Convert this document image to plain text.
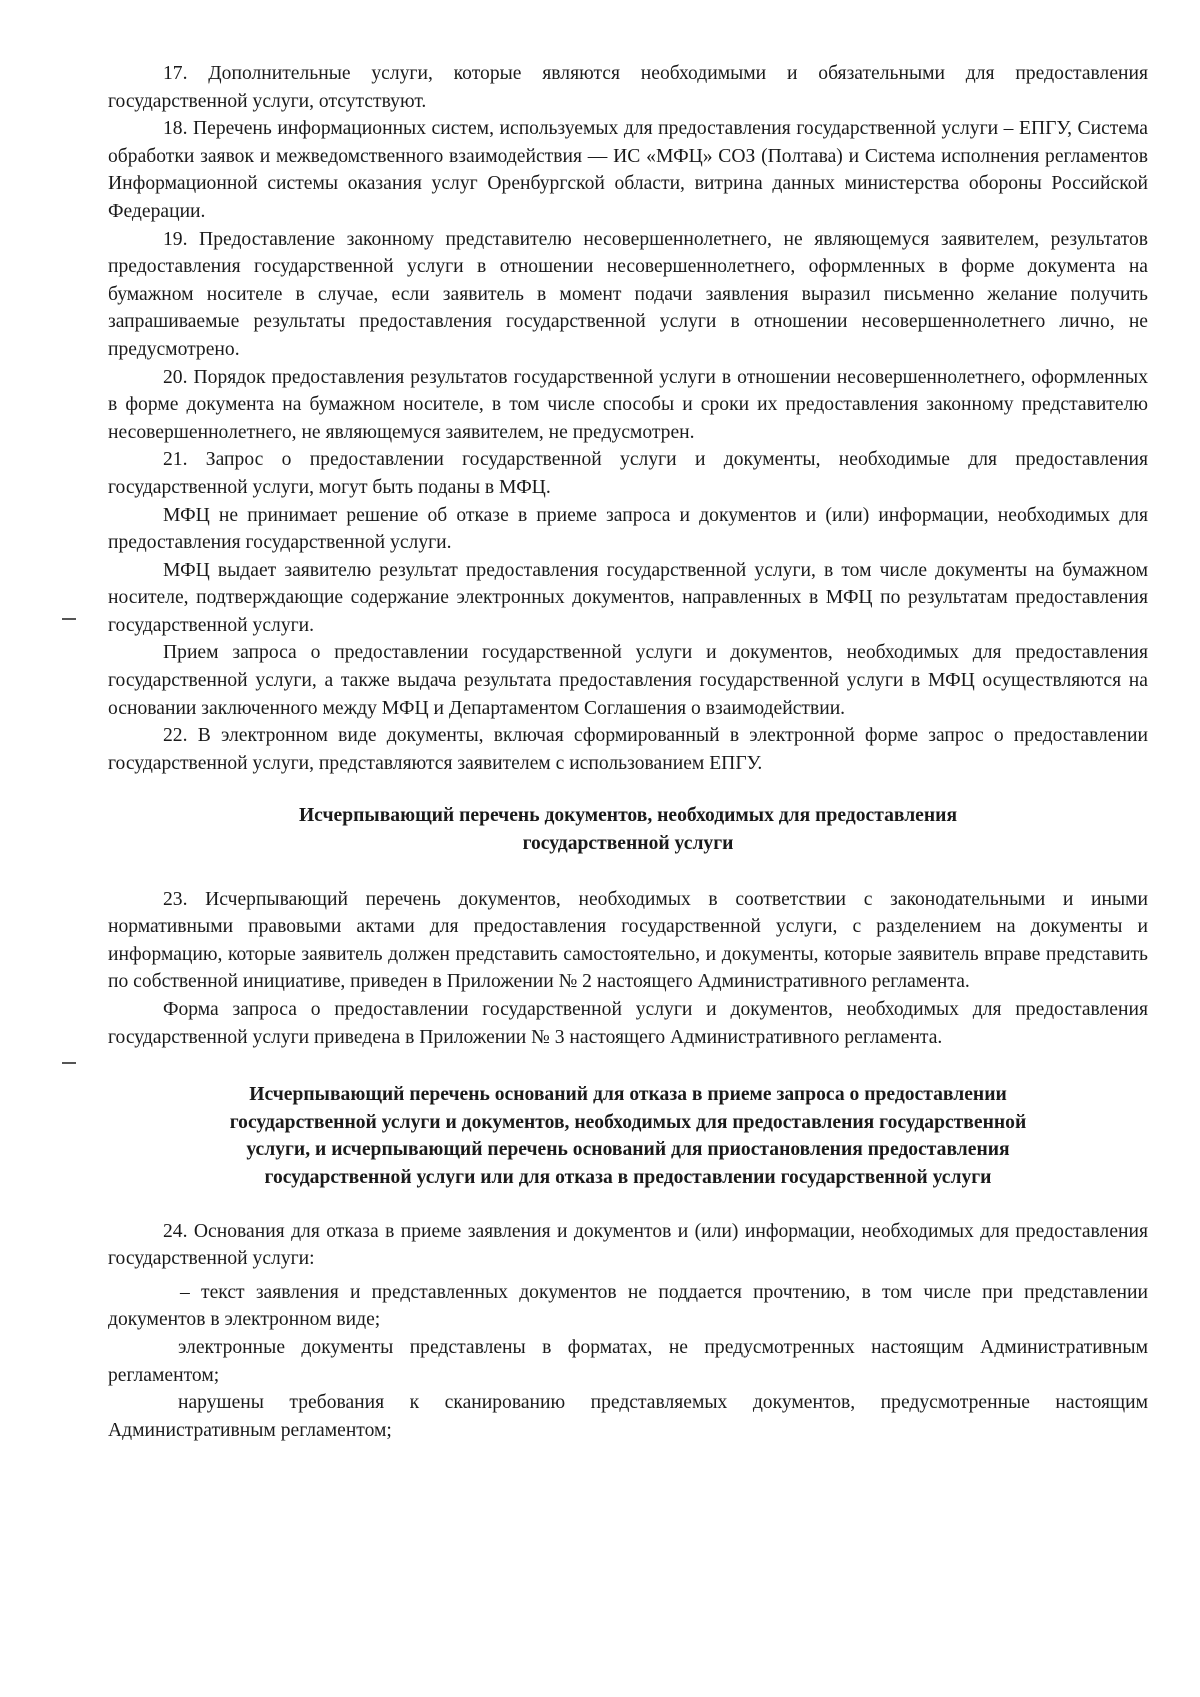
17. Дополнительные услуги, которые являются необходимыми и обязательными для предоставления государственной услуги, отсутствуют.

18. Перечень информационных систем, используемых для предоставления государственной услуги – ЕПГУ, Система обработки заявок и межведомственного взаимодействия — ИС «МФЦ» СОЗ (Полтава) и Система исполнения регламентов Информационной системы оказания услуг Оренбургской области, витрина данных министерства обороны Российской Федерации.

19. Предоставление законному представителю несовершеннолетнего, не являющемуся заявителем, результатов предоставления государственной услуги в отношении несовершеннолетнего, оформленных в форме документа на бумажном носителе в случае, если заявитель в момент подачи заявления выразил письменно желание получить запрашиваемые результаты предоставления государственной услуги в отношении несовершеннолетнего лично, не предусмотрено.

20. Порядок предоставления результатов государственной услуги в отношении несовершеннолетнего, оформленных в форме документа на бумажном носителе, в том числе способы и сроки их предоставления законному представителю несовершеннолетнего, не являющемуся заявителем, не предусмотрен.

21. Запрос о предоставлении государственной услуги и документы, необходимые для предоставления государственной услуги, могут быть поданы в МФЦ.

МФЦ не принимает решение об отказе в приеме запроса и документов и (или) информации, необходимых для предоставления государственной услуги.

МФЦ выдает заявителю результат предоставления государственной услуги, в том числе документы на бумажном носителе, подтверждающие содержание электронных документов, направленных в МФЦ по результатам предоставления государственной услуги.

Прием запроса о предоставлении государственной услуги и документов, необходимых для предоставления государственной услуги, а также выдача результата предоставления государственной услуги в МФЦ осуществляются на основании заключенного между МФЦ и Департаментом Соглашения о взаимодействии.

22. В электронном виде документы, включая сформированный в электронной форме запрос о предоставлении государственной услуги, представляются заявителем с использованием ЕПГУ.

Исчерпывающий перечень документов, необходимых для предоставления

государственной услуги

23. Исчерпывающий перечень документов, необходимых в соответствии с законодательными и иными нормативными правовыми актами для предоставления государственной услуги, с разделением на документы и информацию, которые заявитель должен представить самостоятельно, и документы, которые заявитель вправе представить по собственной инициативе, приведен в Приложении № 2 настоящего Административного регламента.

Форма запроса о предоставлении государственной услуги и документов, необходимых для предоставления государственной услуги приведена в Приложении № 3 настоящего Административного регламента.

Исчерпывающий перечень оснований для отказа в приеме запроса о предоставлении

государственной услуги и документов, необходимых для предоставления государственной

услуги, и исчерпывающий перечень оснований для приостановления предоставления

государственной услуги или для отказа в предоставлении государственной услуги

24. Основания для отказа в приеме заявления и документов и (или) информации, необходимых для предоставления государственной услуги:

– текст заявления и представленных документов не поддается прочтению, в том числе при представлении документов в электронном виде;

электронные документы представлены в форматах, не предусмотренных настоящим Административным регламентом;

нарушены требования к сканированию представляемых документов, предусмотренные настоящим Административным регламентом;
